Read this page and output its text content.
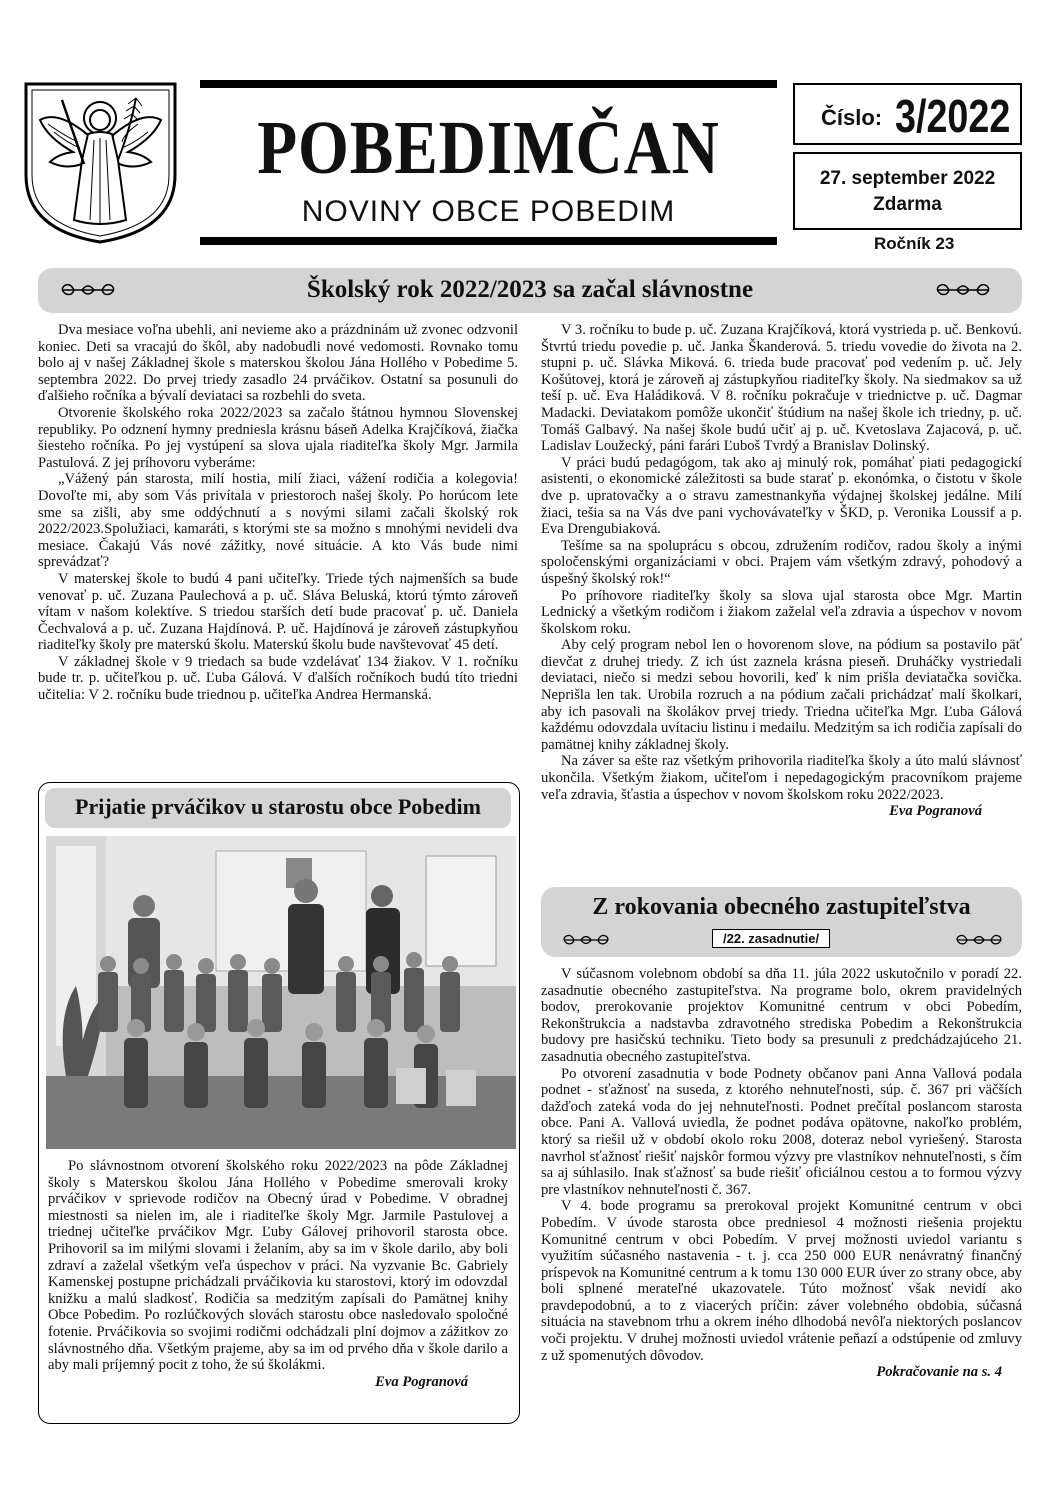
POBEDIMČAN
NOVINY OBCE POBEDIM
Číslo: 3/2022
27. september 2022
Zdarma
Ročník 23
Školský rok 2022/2023 sa začal slávnostne

Dva mesiace voľna ubehli, ani nevieme ako a prázdninám už zvonec odzvonil koniec. Deti sa vracajú do škôl, aby nadobudli nové vedomosti. Rovnako tomu bolo aj v našej Základnej škole s materskou školou Jána Hollého v Pobedime 5. septembra 2022. Do prvej triedy zasadlo 24 prváčikov. Ostatní sa posunuli do ďalšieho ročníka a bývalí deviataci sa rozbehli do sveta.

Otvorenie školského roka 2022/2023 sa začalo štátnou hymnou Slovenskej republiky. Po odznení hymny predniesla krásnu báseň Adelka Krajčíková, žiačka šiesteho ročníka. Po jej vystúpení sa slova ujala riaditeľka školy Mgr. Jarmila Pastulová. Z jej príhovoru vyberáme:

„Vážený pán starosta, milí hostia, milí žiaci, vážení rodičia a kolegovia! Dovoľte mi, aby som Vás privítala v priestoroch našej školy. Po horúcom lete sme sa zišli, aby sme oddýchnutí a s novými silami začali školský rok 2022/2023.Spolužiaci, kamaráti, s ktorými ste sa možno s mnohými nevideli dva mesiace. Čakajú Vás nové zážitky, nové situácie. A kto Vás bude nimi sprevádzať?

V materskej škole to budú 4 pani učiteľky. Triede tých najmenších sa bude venovať p. uč. Zuzana Paulechová a p. uč. Sláva Beluská, ktorú týmto zároveň vítam v našom kolektíve. S triedou starších detí bude pracovať p. uč. Daniela Čechvalová a p. uč. Zuzana Hajdínová. P. uč. Hajdínová je zároveň zástupkyňou riaditeľky školy pre materskú školu. Materskú školu bude navštevovať 45 detí.

V základnej škole v 9 triedach sa bude vzdelávať 134 žiakov. V 1. ročníku bude tr. p. učiteľkou p. uč. Ľuba Gálová. V ďalších ročníkoch budú títo triedni učitelia: V 2. ročníku bude triednou p. učiteľka Andrea Hermanská.

V 3. ročníku to bude p. uč. Zuzana Krajčíková, ktorá vystrieda p. uč. Benkovú. Štvrtú triedu povedie p. uč. Janka Škanderová. 5. triedu vovedie do života na 2. stupni p. uč. Slávka Miková. 6. trieda bude pracovať pod vedením p. uč. Jely Košútovej, ktorá je zároveň aj zástupkyňou riaditeľky školy. Na siedmakov sa už teší p. uč. Eva Haládiková. V 8. ročníku pokračuje v triednictve p. uč. Dagmar Madacki. Deviatakom pomôže ukončiť štúdium na našej škole ich triedny, p. uč. Tomáš Galbavý. Na našej škole budú učiť aj p. uč. Kvetoslava Zajacová, p. uč. Ladislav Loužecký, páni farári Ľuboš Tvrdý a Branislav Dolinský.

V práci budú pedagógom, tak ako aj minulý rok, pomáhať piati pedagogickí asistenti, o ekonomické záležitosti sa bude starať p. ekonómka, o čistotu v škole dve p. upratovačky a o stravu zamestnankyňa výdajnej školskej jedálne. Milí žiaci, tešia sa na Vás dve pani vychovávateľky v ŠKD, p. Veronika Loussif a p. Eva Drengubiaková.

Tešíme sa na spoluprácu s obcou, združením rodičov, radou školy a inými spoločenskými organizáciami v obci. Prajem vám všetkým zdravý, pohodový a úspešný školský rok!“

Po príhovore riaditeľky školy sa slova ujal starosta obce Mgr. Martin Lednický a všetkým rodičom i žiakom zaželal veľa zdravia a úspechov v novom školskom roku.

Aby celý program nebol len o hovorenom slove, na pódium sa postavilo päť dievčat z druhej triedy. Z ich úst zaznela krásna pieseň. Druháčky vystriedali deviataci, niečo si medzi sebou hovorili, keď k nim prišla deviatačka sovička. Neprišla len tak. Urobila rozruch a na pódium začali prichádzať malí školkari, aby ich pasovali na školákov prvej triedy. Triedna učiteľka Mgr. Ľuba Gálová každému odovzdala uvítaciu listinu i medailu. Medzitým sa ich rodičia zapísali do pamätnej knihy základnej školy.

Na záver sa ešte raz všetkým prihovorila riaditeľka školy a úto malú slávnosť ukončila. Všetkým žiakom, učiteľom i nepedagogickým pracovníkom prajeme veľa zdravia, šťastia a úspechov v novom školskom roku 2022/2023.

Eva Pogranová
Prijatie prváčikov u starostu obce Pobedim

Po slávnostnom otvorení školského roku 2022/2023 na pôde Základnej školy s Materskou školou Jána Hollého v Pobedime smerovali kroky prváčikov v sprievode rodičov na Obecný úrad v Pobedime. V obradnej miestnosti sa nielen im, ale i riaditeľke školy Mgr. Jarmile Pastulovej a triednej učiteľke prváčikov Mgr. Ľuby Gálovej prihovoril starosta obce. Prihovoril sa im milými slovami i želaním, aby sa im v škole darilo, aby boli zdraví a zaželal všetkým veľa úspechov v práci. Na vyzvanie Bc. Gabriely Kamenskej postupne prichádzali prváčikovia ku starostovi, ktorý im odovzdal knižku a malú sladkosť. Rodičia sa medzitým zapísali do Pamätnej knihy Obce Pobedim. Po rozlúčkových slovách starostu obce nasledovalo spoločné fotenie. Prváčikovia so svojimi rodičmi odchádzali plní dojmov a zážitkov zo slávnostného dňa. Všetkým prajeme, aby sa im od prvého dňa v škole darilo a aby mali príjemný pocit z toho, že sú školákmi.

Eva Pogranová
Z rokovania obecného zastupiteľstva
/22. zasadnutie/

V súčasnom volebnom období sa dňa 11. júla 2022 uskutočnilo v poradí 22. zasadnutie obecného zastupiteľstva. Na programe bolo, okrem pravidelných bodov, prerokovanie projektov Komunitné centrum v obci Pobedím, Rekonštrukcia a nadstavba zdravotného strediska Pobedim a Rekonštrukcia budovy pre hasičskú techniku. Tieto body sa presunuli z predchádzajúceho 21. zasadnutia obecného zastupiteľstva.

Po otvorení zasadnutia v bode Podnety občanov pani Anna Vallová podala podnet - sťažnosť na suseda, z ktorého nehnuteľnosti, súp. č. 367 pri väčších dažďoch zateká voda do jej nehnuteľnosti. Podnet prečítal poslancom starosta obce. Pani A. Vallová uviedla, že podnet podáva opätovne, nakoľko problém, ktorý sa riešil už v období okolo roku 2008, doteraz nebol vyriešený. Starosta navrhol sťažnosť riešiť najskôr formou výzvy pre vlastníkov nehnuteľnosti, s čím sa aj súhlasilo. Inak sťažnosť sa bude riešiť oficiálnou cestou a to formou výzvy pre vlastníkov nehnuteľnosti č. 367.

V 4. bode programu sa prerokoval projekt Komunitné centrum v obci Pobedím. V úvode starosta obce predniesol 4 možnosti riešenia projektu Komunitné centrum v obci Pobedím. V prvej možnosti uviedol variantu s využitím súčasného nastavenia - t. j. cca 250 000 EUR nenávratný finančný príspevok na Komunitné centrum a k tomu 130 000 EUR úver zo strany obce, aby boli splnené merateľné ukazovatele. Túto možnosť však nevidí ako pravdepodobnú, a to z viacerých príčin: záver volebného obdobia, súčasná situácia na stavebnom trhu a okrem iného dlhodobá nevôľa niektorých poslancov voči projektu. V druhej možnosti uviedol vrátenie peňazí a odstúpenie od zmluvy z už spomenutých dôvodov.

Pokračovanie na s. 4
